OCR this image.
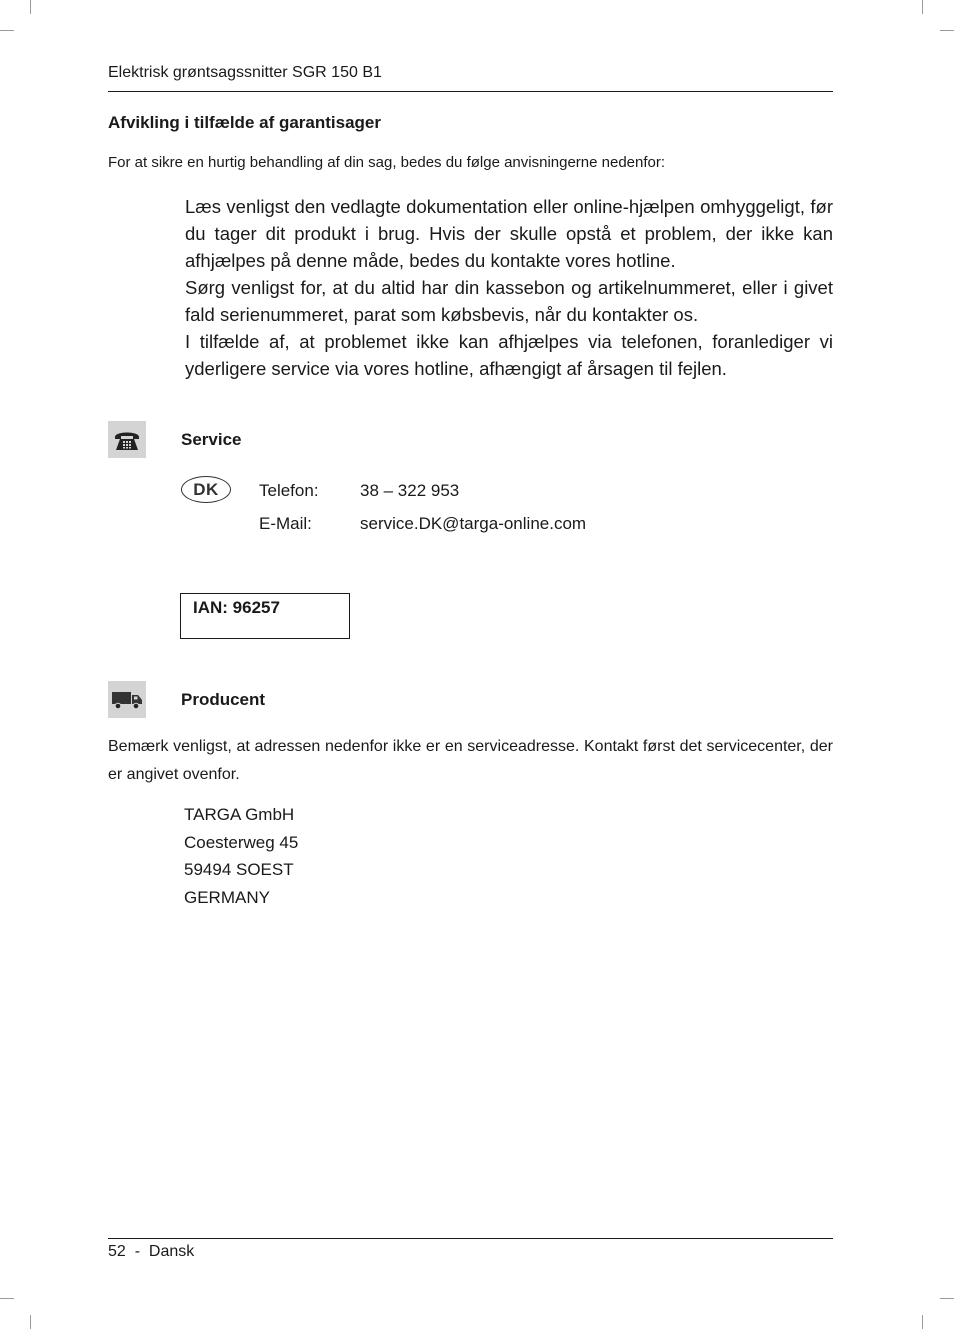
Elektrisk grøntsagssnitter SGR 150 B1
Afvikling i tilfælde af garantisager
For at sikre en hurtig behandling af din sag, bedes du følge anvisningerne nedenfor:

Læs venligst den vedlagte dokumentation eller online-hjælpen omhyggeligt, før du tager dit produkt i brug. Hvis der skulle opstå et problem, der ikke kan afhjælpes på denne måde, bedes du kontakte vores hotline.

Sørg venligst for, at du altid har din kassebon og artikelnummeret, eller i givet fald serienummeret, parat som købsbevis, når du kontakter os.

I tilfælde af, at problemet ikke kan afhjælpes via telefonen, foranlediger vi yderligere service via vores hotline, afhængigt af årsagen til fejlen.

Service
DK	Telefon: 38 – 322 953
E-Mail:	service.DK@targa-online.com
IAN: 96257
Producent
Bemærk venligst, at adressen nedenfor ikke er en serviceadresse. Kontakt først det servicecenter, der er angivet ovenfor.
TARGA GmbH
Coesterweg 45
59494 SOEST
GERMANY
52  -  Dansk
